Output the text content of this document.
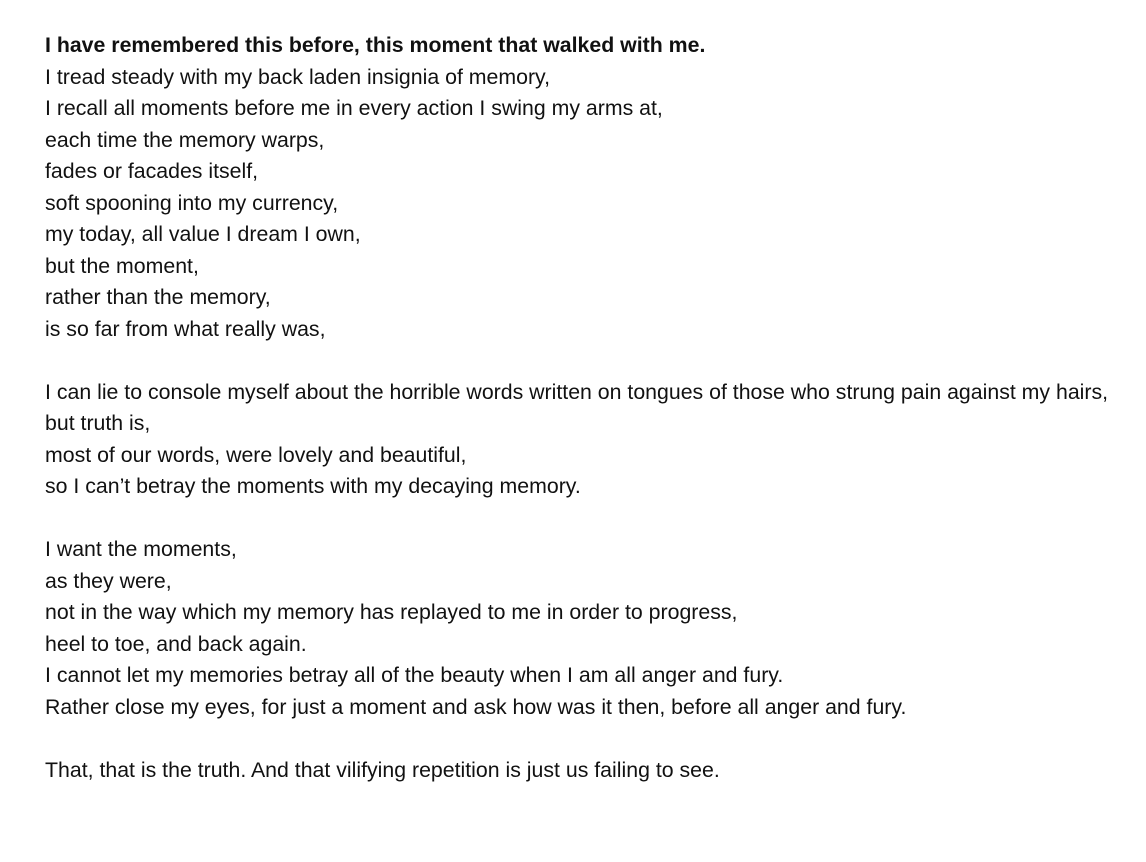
I have remembered this before, this moment that walked with me.
I tread steady with my back laden insignia of memory,
I recall all moments before me in every action I swing my arms at,
each time the memory warps,
fades or facades itself,
soft spooning into my currency,
my today, all value I dream I own,
but the moment,
rather than the memory,
is so far from what really was,
I can lie to console myself about the horrible words written on tongues of those who strung pain against my hairs,
but truth is,
most of our words, were lovely and beautiful,
so I can’t betray the moments with my decaying memory.
I want the moments,
as they were,
not in the way which my memory has replayed to me in order to progress,
heel to toe, and back again.
I cannot let my memories betray all of the beauty when I am all anger and fury.
Rather close my eyes, for just a moment and ask how was it then, before all anger and fury.
That, that is the truth. And that vilifying repetition is just us failing to see.
